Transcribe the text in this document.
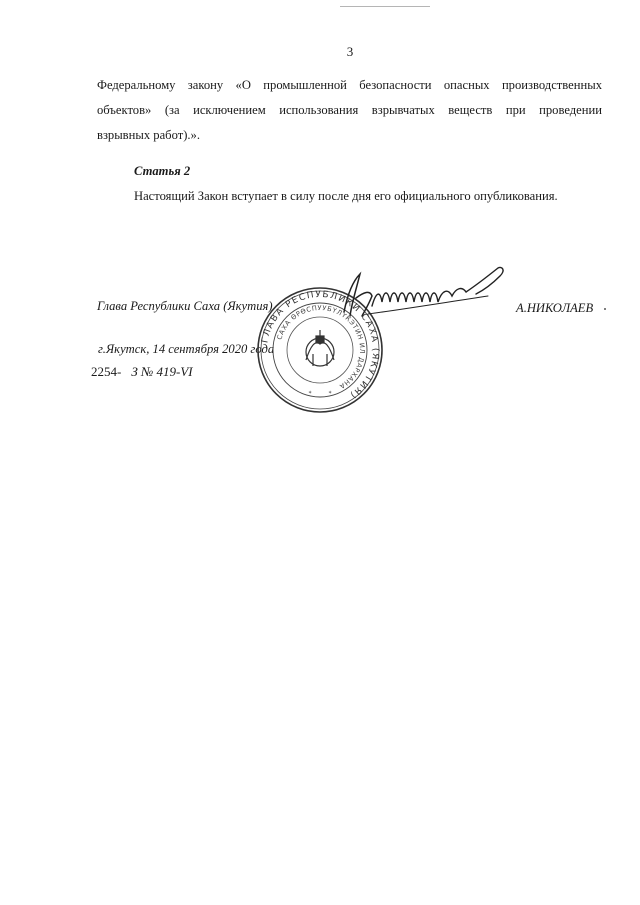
3
Федеральному закону «О промышленной безопасности опасных производственных
объектов» (за исключением использования взрывчатых веществ при проведении
взрывных работ).».
Статья 2
Настоящий Закон вступает в силу после дня его официального опубликования.
Глава Республики Саха (Якутия)	А.НИКОЛАЕВ
г.Якутск, 14 сентября 2020 года
2254- З № 419-VI
ГЛАВА РЕСПУБЛИКИ САХА (ЯКУТИЯ)
САХА ӨРӨСПУУБҮЛҮКЭТИН ИЛ ДАРХАНА
✶	✶
